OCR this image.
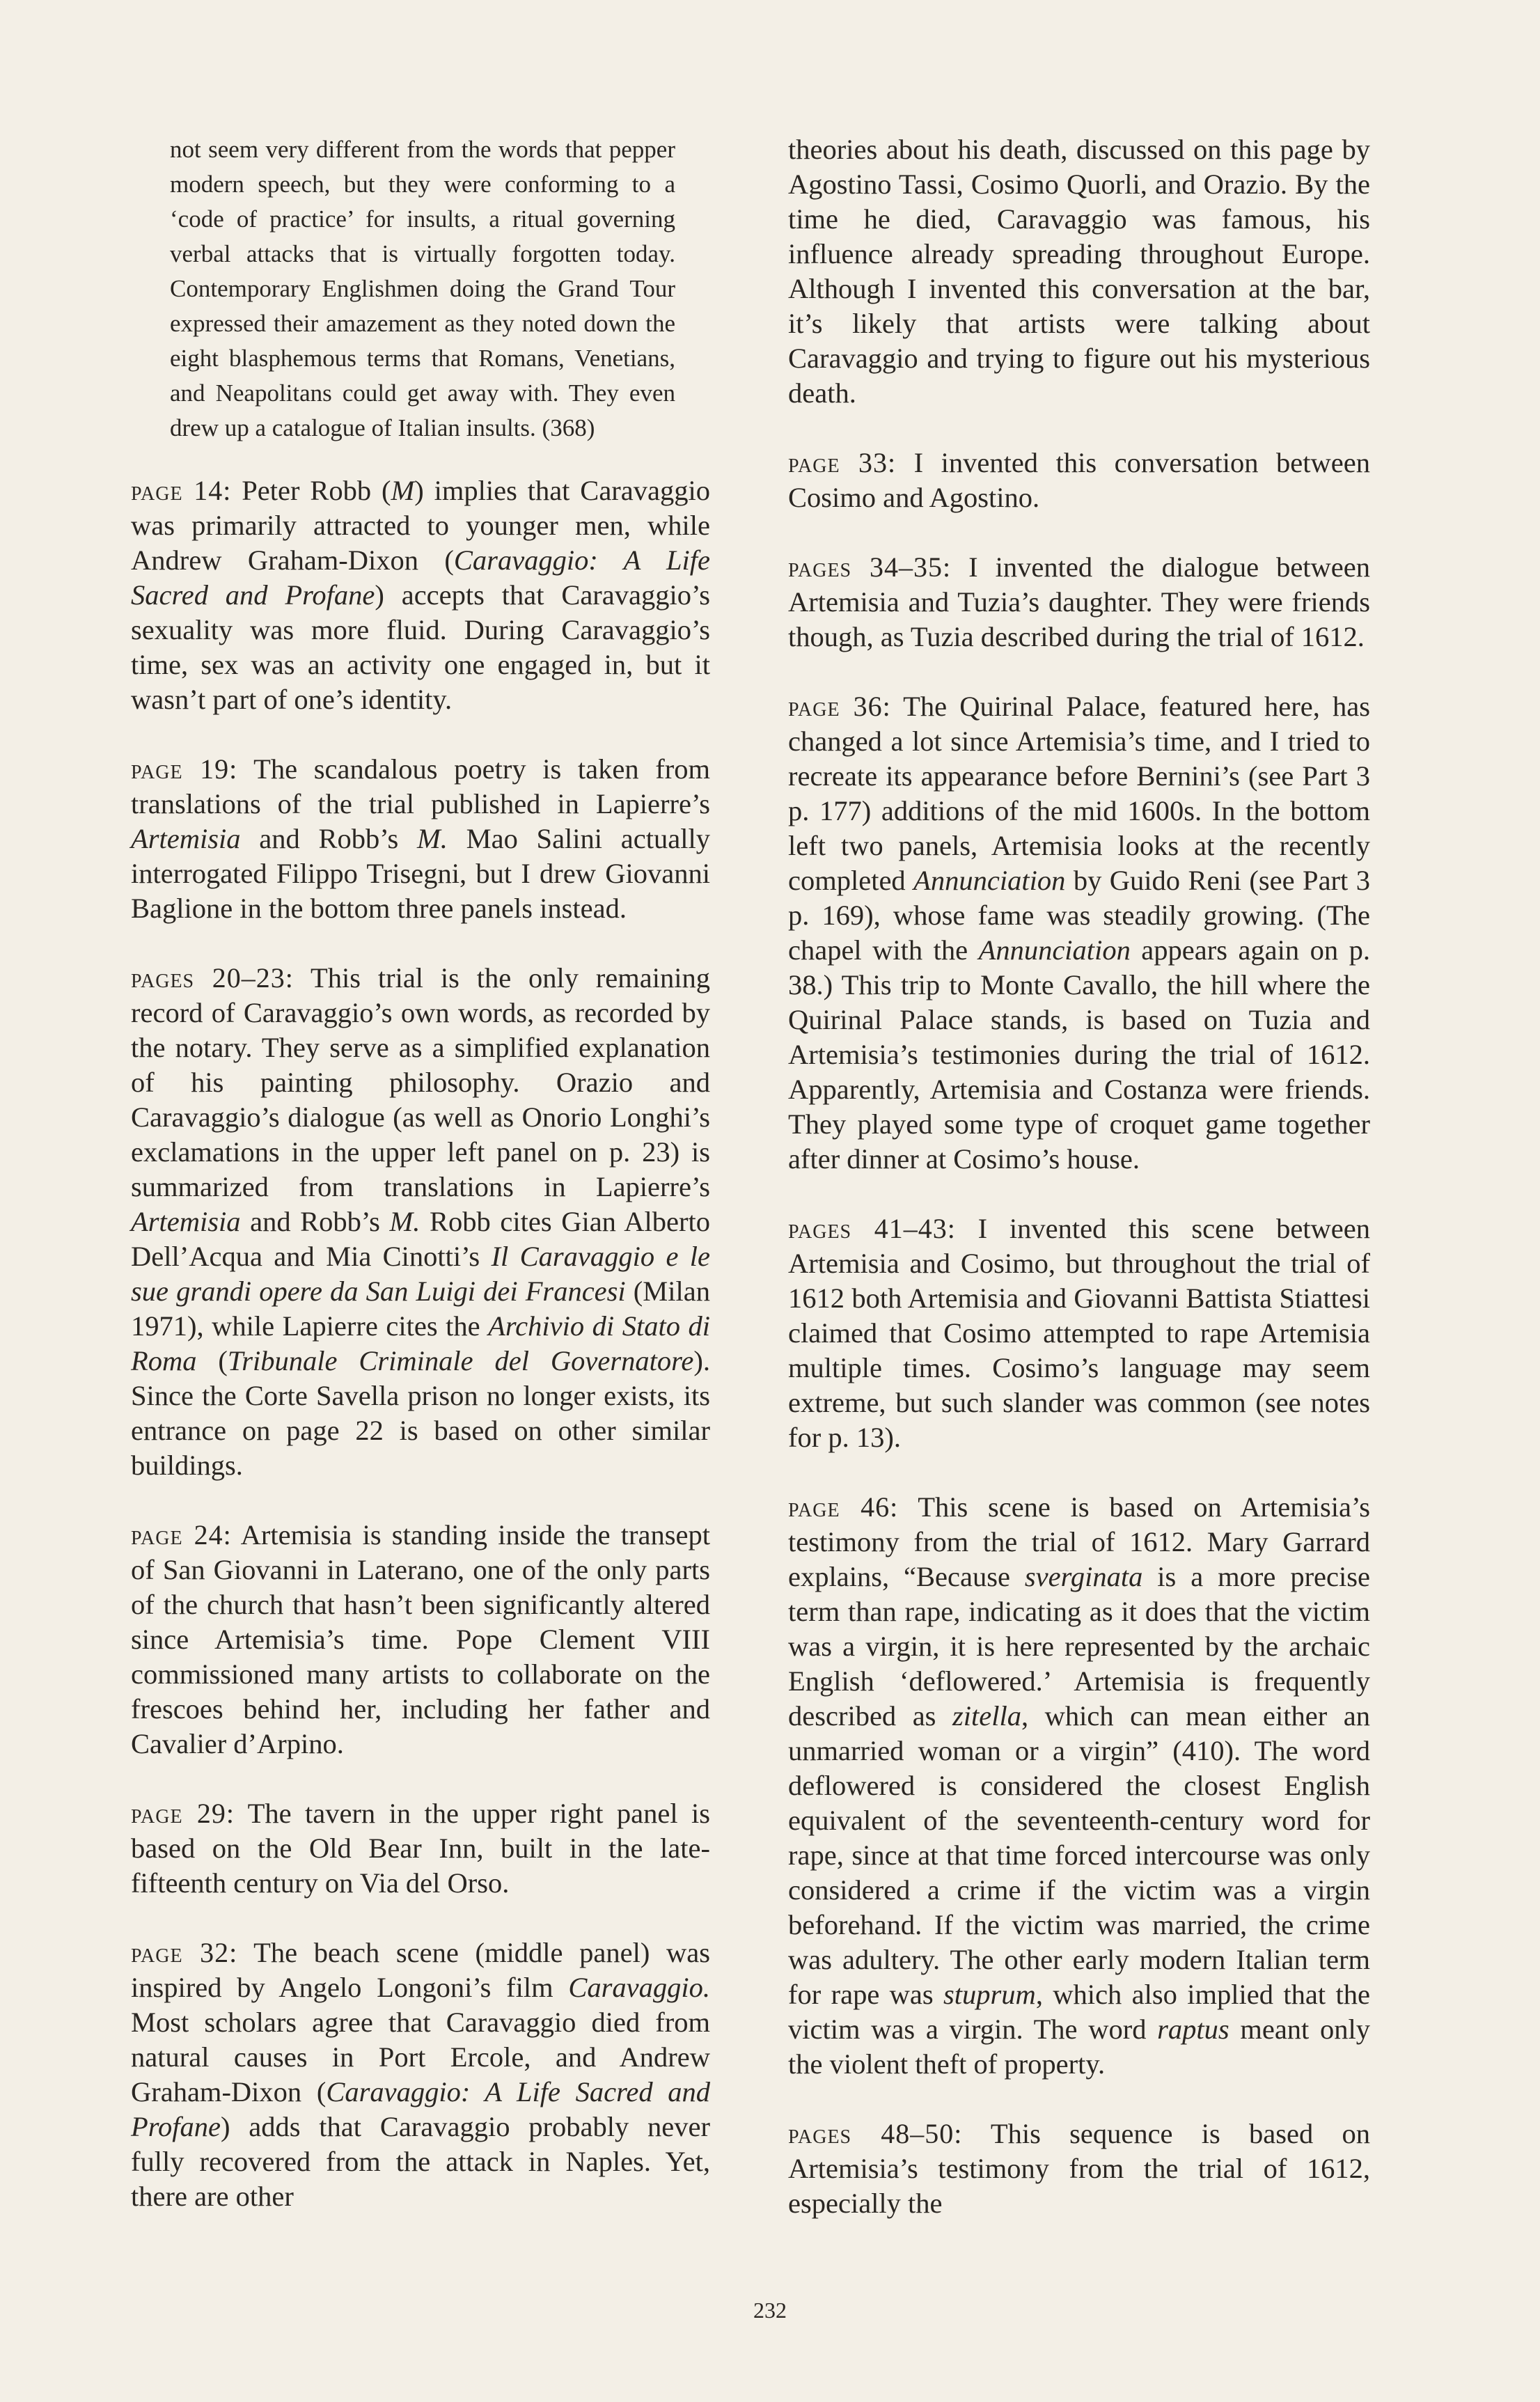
not seem very different from the words that pepper modern speech, but they were conforming to a ‘code of practice’ for insults, a ritual governing verbal attacks that is virtually forgotten today. Contemporary Englishmen doing the Grand Tour expressed their amazement as they noted down the eight blasphemous terms that Romans, Venetians, and Neapolitans could get away with. They even drew up a catalogue of Italian insults. (368)

page 14: Peter Robb (M) implies that Caravaggio was primarily attracted to younger men, while Andrew Graham-Dixon (Caravaggio: A Life Sacred and Profane) accepts that Caravaggio’s sexuality was more fluid. During Caravaggio’s time, sex was an activity one engaged in, but it wasn’t part of one’s identity.

page 19: The scandalous poetry is taken from translations of the trial published in Lapierre’s Artemisia and Robb’s M. Mao Salini actually interrogated Filippo Trisegni, but I drew Giovanni Baglione in the bottom three panels instead.

pages 20–23: This trial is the only remaining record of Caravaggio’s own words, as recorded by the notary. They serve as a simplified explanation of his painting philosophy. Orazio and Caravaggio’s dialogue (as well as Onorio Longhi’s exclamations in the upper left panel on p. 23) is summarized from translations in Lapierre’s Artemisia and Robb’s M. Robb cites Gian Alberto Dell’Acqua and Mia Cinotti’s Il Caravaggio e le sue grandi opere da San Luigi dei Francesi (Milan 1971), while Lapierre cites the Archivio di Stato di Roma (Tribunale Criminale del Governatore). Since the Corte Savella prison no longer exists, its entrance on page 22 is based on other similar buildings.

page 24: Artemisia is standing inside the transept of San Giovanni in Laterano, one of the only parts of the church that hasn’t been significantly altered since Artemisia’s time. Pope Clement VIII commissioned many artists to collaborate on the frescoes behind her, including her father and Cavalier d’Arpino.

page 29: The tavern in the upper right panel is based on the Old Bear Inn, built in the late-fifteenth century on Via del Orso.

page 32: The beach scene (middle panel) was inspired by Angelo Longoni’s film Caravaggio. Most scholars agree that Caravaggio died from natural causes in Port Ercole, and Andrew Graham-Dixon (Caravaggio: A Life Sacred and Profane) adds that Caravaggio probably never fully recovered from the attack in Naples. Yet, there are other

theories about his death, discussed on this page by Agostino Tassi, Cosimo Quorli, and Orazio. By the time he died, Caravaggio was famous, his influence already spreading throughout Europe. Although I invented this conversation at the bar, it’s likely that artists were talking about Caravaggio and trying to figure out his mysterious death.

page 33: I invented this conversation between Cosimo and Agostino.

pages 34–35: I invented the dialogue between Artemisia and Tuzia’s daughter. They were friends though, as Tuzia described during the trial of 1612.

page 36: The Quirinal Palace, featured here, has changed a lot since Artemisia’s time, and I tried to recreate its appearance before Bernini’s (see Part 3 p. 177) additions of the mid 1600s. In the bottom left two panels, Artemisia looks at the recently completed Annunciation by Guido Reni (see Part 3 p. 169), whose fame was steadily growing. (The chapel with the Annunciation appears again on p. 38.) This trip to Monte Cavallo, the hill where the Quirinal Palace stands, is based on Tuzia and Artemisia’s testimonies during the trial of 1612. Apparently, Artemisia and Costanza were friends. They played some type of croquet game together after dinner at Cosimo’s house.

pages 41–43: I invented this scene between Artemisia and Cosimo, but throughout the trial of 1612 both Artemisia and Giovanni Battista Stiattesi claimed that Cosimo attempted to rape Artemisia multiple times. Cosimo’s language may seem extreme, but such slander was common (see notes for p. 13).

page 46: This scene is based on Artemisia’s testimony from the trial of 1612. Mary Garrard explains, “Because sverginata is a more precise term than rape, indicating as it does that the victim was a virgin, it is here represented by the archaic English ‘deflowered.’ Artemisia is frequently described as zitella, which can mean either an unmarried woman or a virgin” (410). The word deflowered is considered the closest English equivalent of the seventeenth-century word for rape, since at that time forced intercourse was only considered a crime if the victim was a virgin beforehand. If the victim was married, the crime was adultery. The other early modern Italian term for rape was stuprum, which also implied that the victim was a virgin. The word raptus meant only the violent theft of property.

pages 48–50: This sequence is based on Artemisia’s testimony from the trial of 1612, especially the

232
